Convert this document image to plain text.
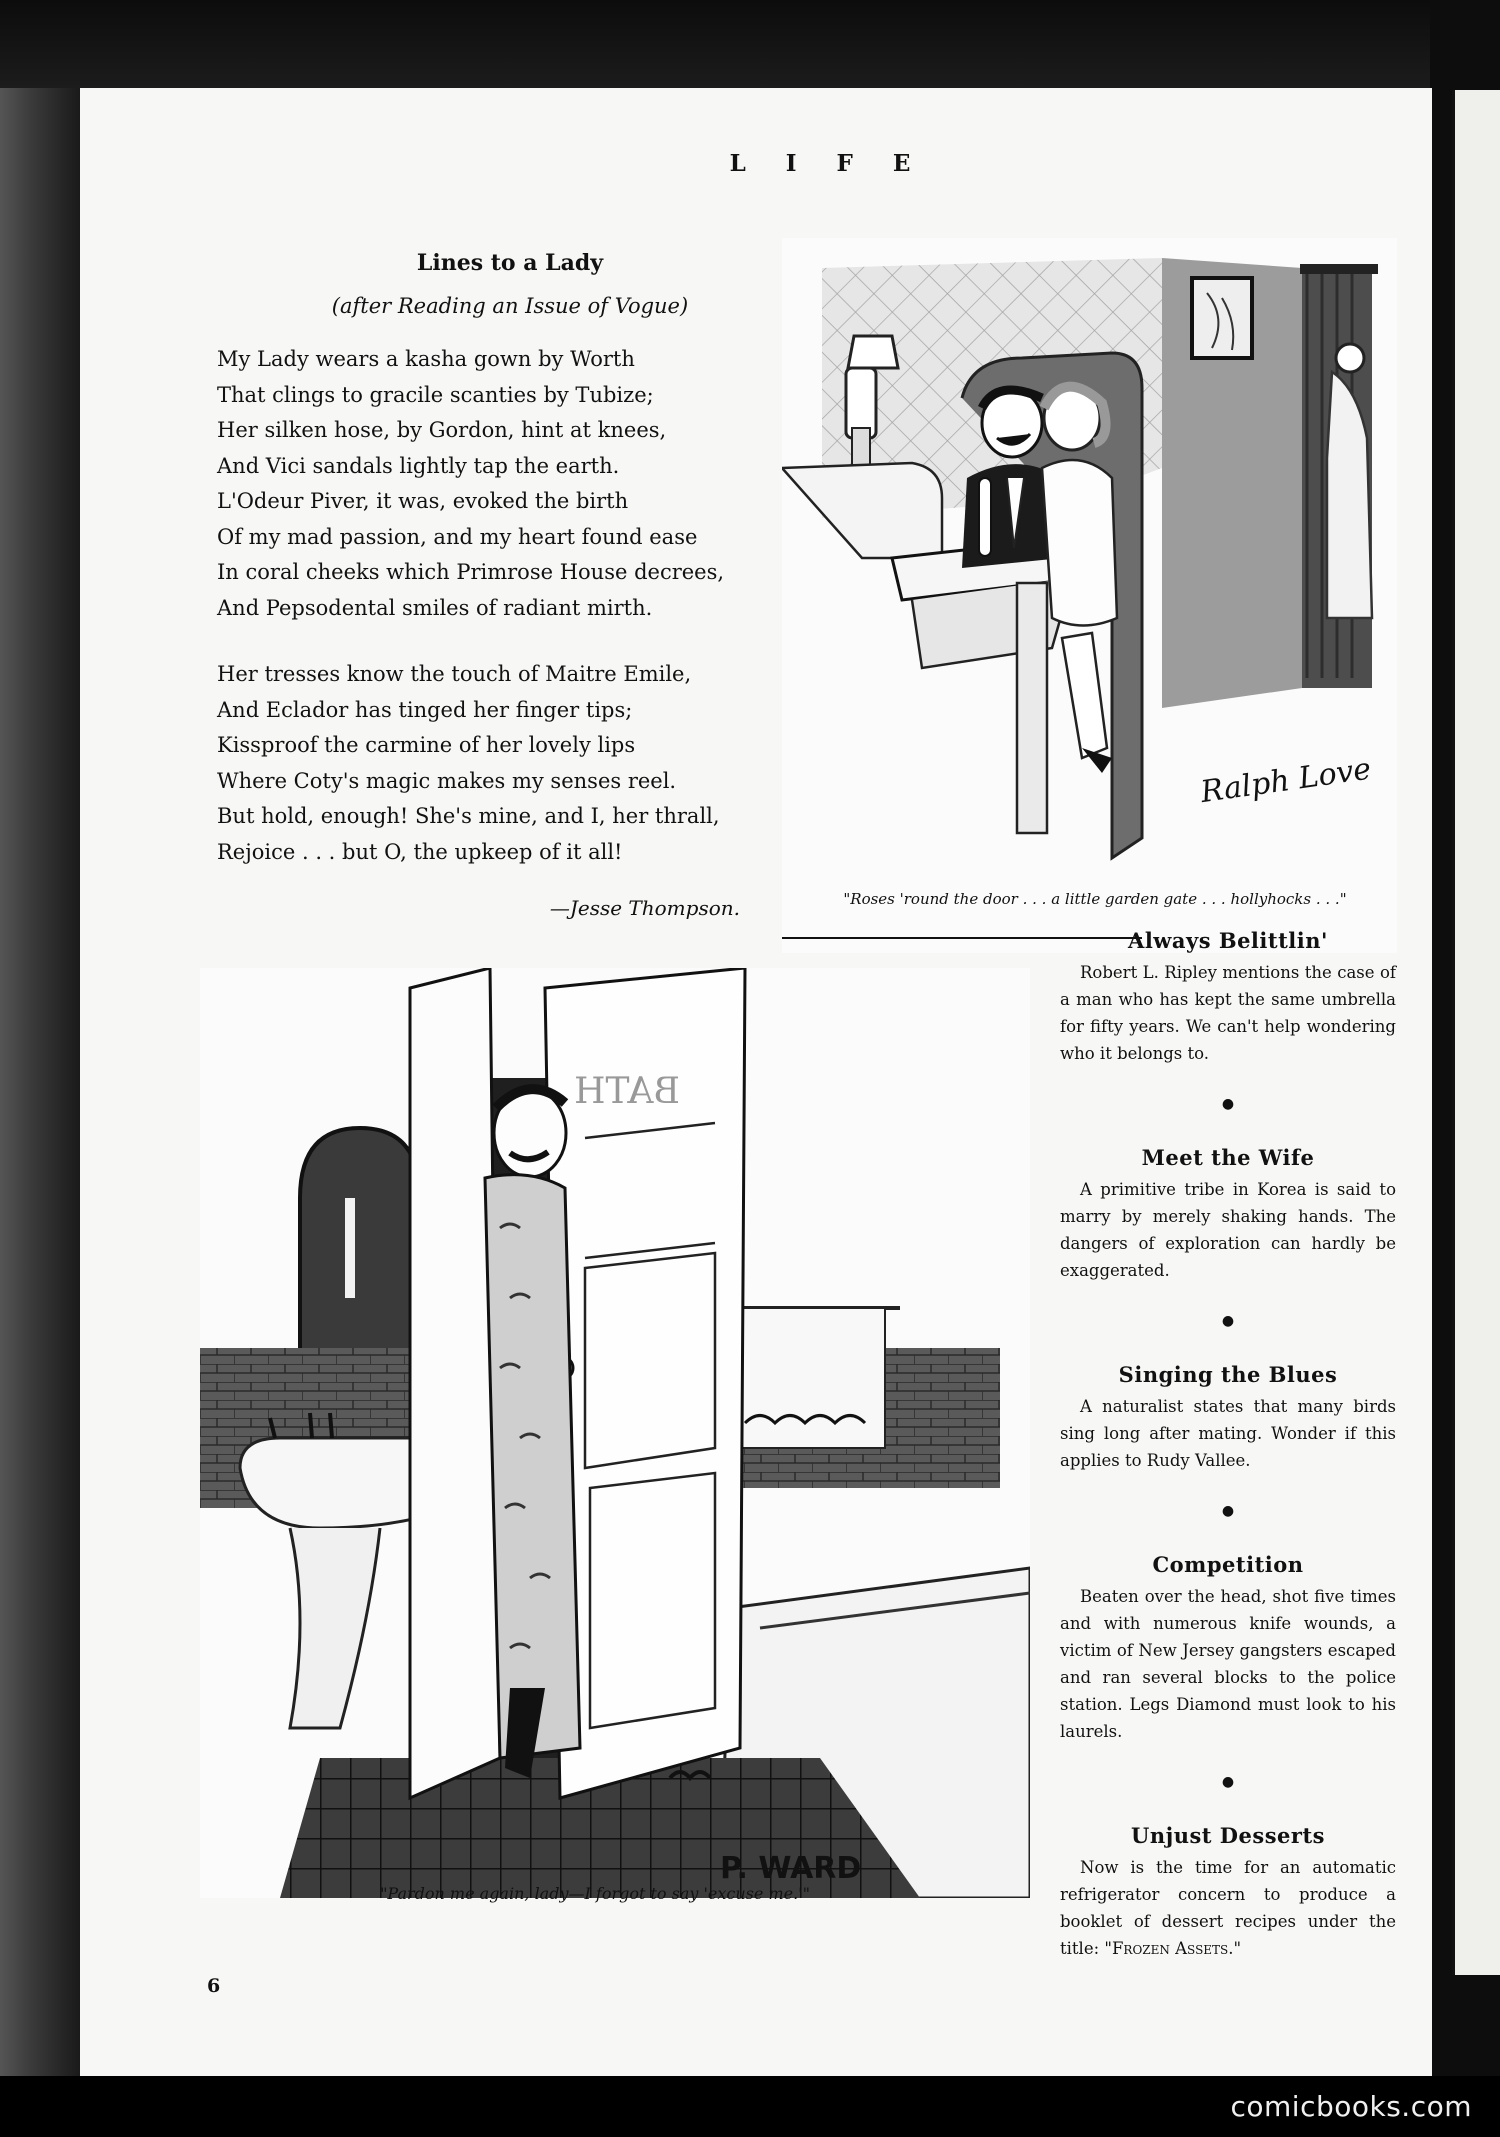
LIFE
Lines to a Lady
(after Reading an Issue of Vogue)

My Lady wears a kasha gown by Worth

That clings to gracile scanties by Tubize;

Her silken hose, by Gordon, hint at knees,

And Vici sandals lightly tap the earth.

L'Odeur Piver, it was, evoked the birth

Of my mad passion, and my heart found ease

In coral cheeks which Primrose House decrees,

And Pepsodental smiles of radiant mirth.

Her tresses know the touch of Maitre Emile,

And Eclador has tinged her finger tips;

Kissproof the carmine of her lovely lips

Where Coty's magic makes my senses reel.

But hold, enough! She's mine, and I, her thrall,

Rejoice . . . but O, the upkeep of it all!

—Jesse Thompson.
Ralph Love
"Roses 'round the door . . . a little garden gate . . . hollyhocks . . ."
BATH
P. WARD
"Pardon me again, lady—I forgot to say 'excuse me.'"
Always Belittlin'

Robert L. Ripley mentions the case of a man who has kept the same umbrella for fifty years. We can't help wondering who it belongs to.

●
Meet the Wife

A primitive tribe in Korea is said to marry by merely shaking hands. The dangers of exploration can hardly be exaggerated.

●
Singing the Blues

A naturalist states that many birds sing long after mating. Wonder if this applies to Rudy Vallee.

●
Competition

Beaten over the head, shot five times and with numerous knife wounds, a victim of New Jersey gangsters escaped and ran several blocks to the police station. Legs Diamond must look to his laurels.

●
Unjust Desserts

Now is the time for an automatic refrigerator concern to produce a booklet of dessert recipes under the title: "Frozen Assets."

6
comicbooks.com
